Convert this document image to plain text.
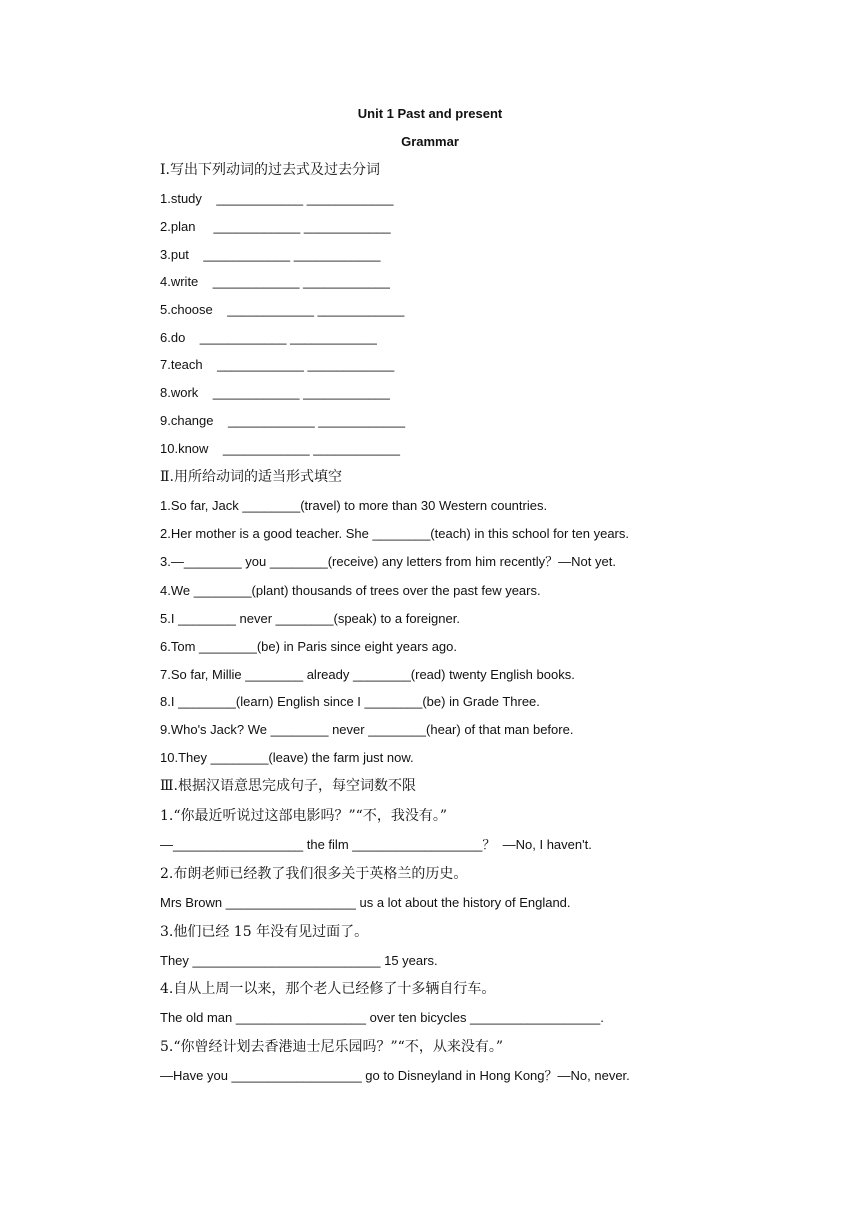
Unit 1 Past and present
Grammar
Ⅰ.写出下列动词的过去式及过去分词
1.study    ____________ ____________
2.plan     ____________ ____________
3.put    ____________ ____________
4.write    ____________ ____________
5.choose    ____________ ____________
6.do    ____________ ____________
7.teach    ____________ ____________
8.work    ____________ ____________
9.change    ____________ ____________
10.know    ____________ ____________
Ⅱ.用所给动词的适当形式填空
1.So far, Jack ________(travel) to more than 30 Western countries.
2.Her mother is a good teacher. She ________(teach) in this school for ten years.
3.—________ you ________(receive) any letters from him recently？—Not yet.
4.We ________(plant) thousands of trees over the past few years.
5.I ________ never ________(speak) to a foreigner.
6.Tom ________(be) in Paris since eight years ago.
7.So far, Millie ________ already ________(read) twenty English books.
8.I ________(learn) English since I ________(be) in Grade Three.
9.Who's Jack? We ________ never ________(hear) of that man before.
10.They ________(leave) the farm just now.
Ⅲ.根据汉语意思完成句子，每空词数不限
1.“你最近听说过这部电影吗？”“不，我没有。”
—__________________ the film __________________？  —No, I haven't.
2.布朗老师已经教了我们很多关于英格兰的历史。
Mrs Brown __________________ us a lot about the history of England.
3.他们已经 15 年没有见过面了。
They __________________________ 15 years.
4.自从上周一以来，那个老人已经修了十多辆自行车。
The old man __________________ over ten bicycles __________________.
5.“你曾经计划去香港迪士尼乐园吗？”“不，从来没有。”
—Have you __________________ go to Disneyland in Hong Kong？—No, never.
